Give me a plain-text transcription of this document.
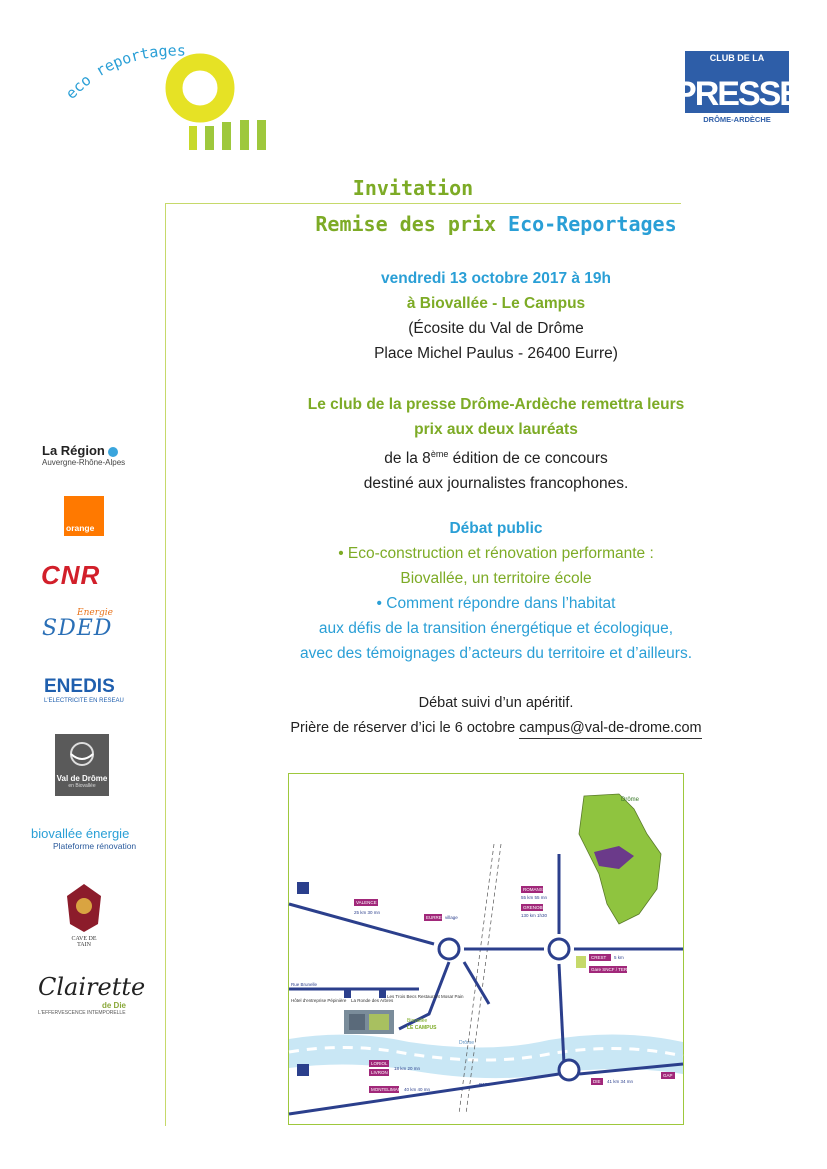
eco reportages	CLUB DE LA
PRESSE
DRÔME-ARDÈCHE
Invitation
Remise des prix Eco-Reportages
vendredi 13 octobre 2017 à 19h
à Biovallée - Le Campus
(Écosite du Val de Drôme
Place Michel Paulus - 26400 Eurre)
Le club de la presse Drôme-Ardèche remettra leurs
prix aux deux lauréats
de la 8ème édition de ce concours
destiné aux journalistes francophones.
Débat public
• Eco-construction et rénovation performante :
Biovallée, un territoire école
• Comment répondre dans l’habitat
aux défis de la transition énergétique et écologique,
avec des témoignages d’acteurs du territoire et d’ailleurs.
Débat suivi d’un apéritif.
Prière de réserver d’ici le 6 octobre campus@val-de-drome.com
La Région
Auvergne-Rhône-Alpes
orange
CNR
Energie
SDED
ENEDIS
L'ELECTRICITE EN RESEAU
Val de Drôme
en Biovallée
biovallée énergie
Plateforme rénovation
CAVE DE TAIN
Clairette
de Die
L'EFFERVESCENCE INTEMPORELLE
Drôme
Drôme
VALENCE
25 km 30 mn
EURRE village
ROMANS
55 km 55 mn
GRENOBLE
130 km 1h30
CREST 5 km
Gare SNCF / TER
LORIOL
LIVRON
18 km 20 mn
MONTELIMAR 40 km 40 mn
DIE 41 km 34 mn
GAP
Rue Brunelle
D104
Hôtel d'entreprise Pépinière La Ronde des Arbres
Les Trois Becs Restaurant Mosaï Pain
Biovallée
LE CAMPUS
